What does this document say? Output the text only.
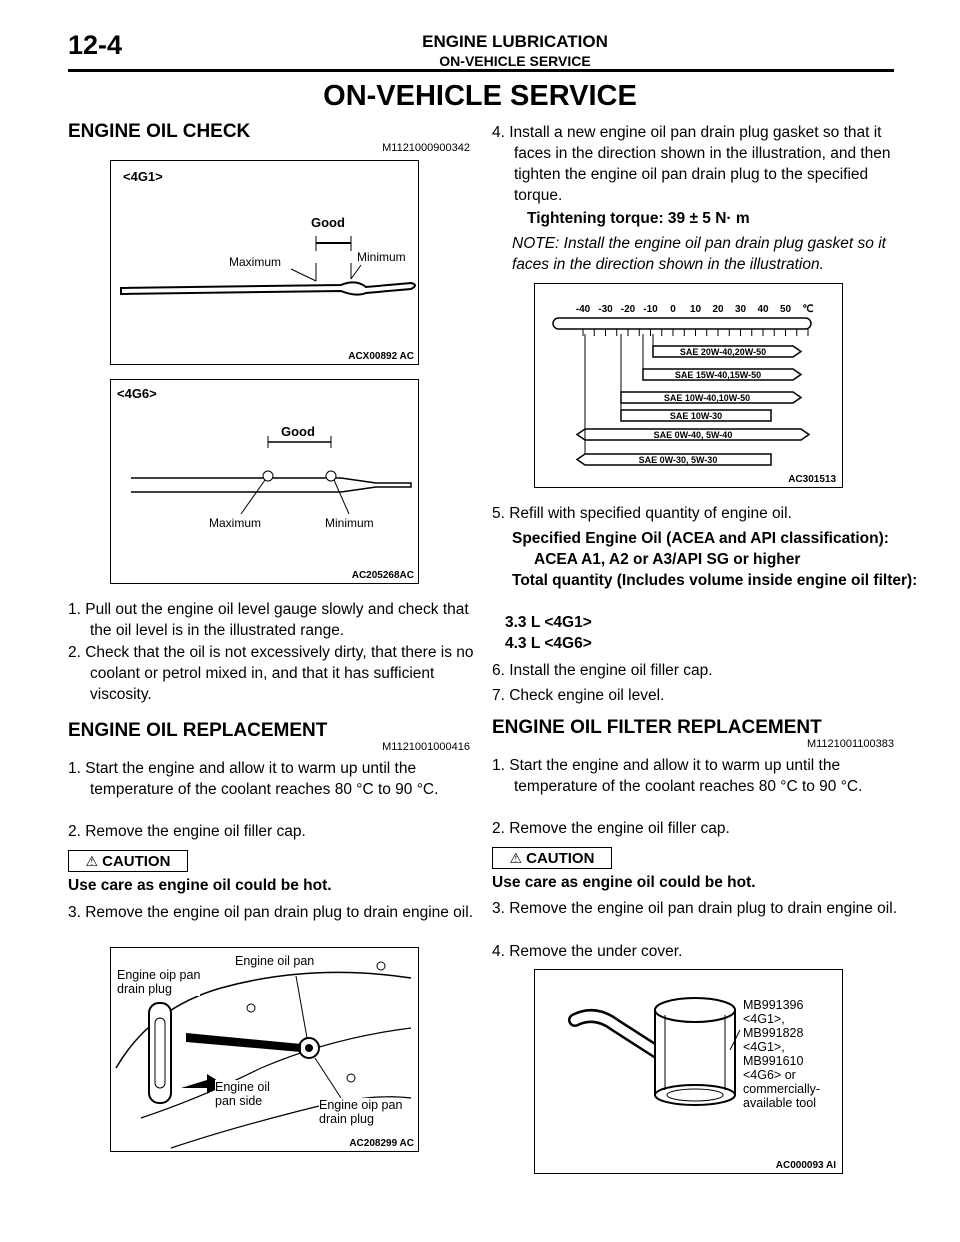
12-4	ENGINE LUBRICATION
ON-VEHICLE SERVICE
ON-VEHICLE SERVICE
ENGINE OIL CHECK
M1121000900342
<4G1>
Good
Maximum	Minimum
ACX00892 AC
<4G6>
Good
Maximum	Minimum
AC205268AC
1. Pull out the engine oil level gauge slowly and check that the oil level is in the illustrated range.
2. Check that the oil is not excessively dirty, that there is no coolant or petrol mixed in, and that it has sufficient viscosity.
ENGINE OIL REPLACEMENT
M1121001000416
1. Start the engine and allow it to warm up until the temperature of the coolant reaches 80 °C to 90 °C.
2. Remove the engine oil filler cap.
⚠ CAUTION
Use care as engine oil could be hot.
3. Remove the engine oil pan drain plug to drain engine oil.
Engine oil pan
Engine oip pan
drain plug
Engine oil
pan side	Engine oip pan
drain plug
AC208299 AC
4. Install a new engine oil pan drain plug gasket so that it faces in the direction shown in the illustration, and then tighten the engine oil pan drain plug to the specified torque.
Tightening torque: 39 ± 5 N· m
NOTE: Install the engine oil pan drain plug gasket so it faces in the direction shown in the illustration.
-40 -30 -20 -10 0 10 20 30 40 50 ℃
SAE 20W-40,20W-50
SAE 15W-40,15W-50
SAE 10W-40,10W-50
SAE 10W-30
SAE 0W-40, 5W-40
SAE 0W-30, 5W-30
AC301513
5. Refill with specified quantity of engine oil.
Specified Engine Oil (ACEA and API classification): ACEA A1, A2 or A3/API SG or higher
Total quantity (Includes volume inside engine oil filter):
3.3 L <4G1>
4.3 L <4G6>
6. Install the engine oil filler cap.
7. Check engine oil level.
ENGINE OIL FILTER REPLACEMENT
M1121001100383
1. Start the engine and allow it to warm up until the temperature of the coolant reaches 80 °C to 90 °C.
2. Remove the engine oil filler cap.
⚠ CAUTION
Use care as engine oil could be hot.
3. Remove the engine oil pan drain plug to drain engine oil.
4. Remove the under cover.
MB991396
<4G1>,
MB991828
<4G1>,
MB991610
<4G6> or
commercially-
available tool
AC000093 AI
